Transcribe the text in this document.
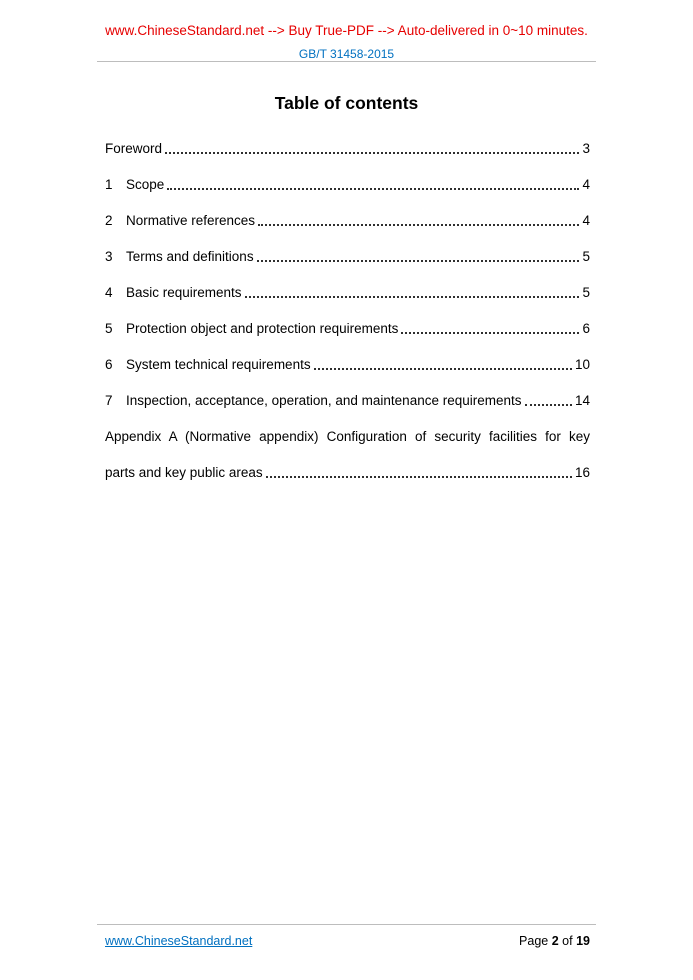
www.ChineseStandard.net --> Buy True-PDF --> Auto-delivered in 0~10 minutes.
GB/T 31458-2015
Table of contents
Foreword	3
1 Scope	4
2 Normative references	4
3 Terms and definitions	5
4 Basic requirements	5
5 Protection object and protection requirements	6
6 System technical requirements	10
7 Inspection, acceptance, operation, and maintenance requirements	14
Appendix A (Normative appendix) Configuration of security facilities for key
parts and key public areas	16
www.ChineseStandard.net	Page 2 of 19
